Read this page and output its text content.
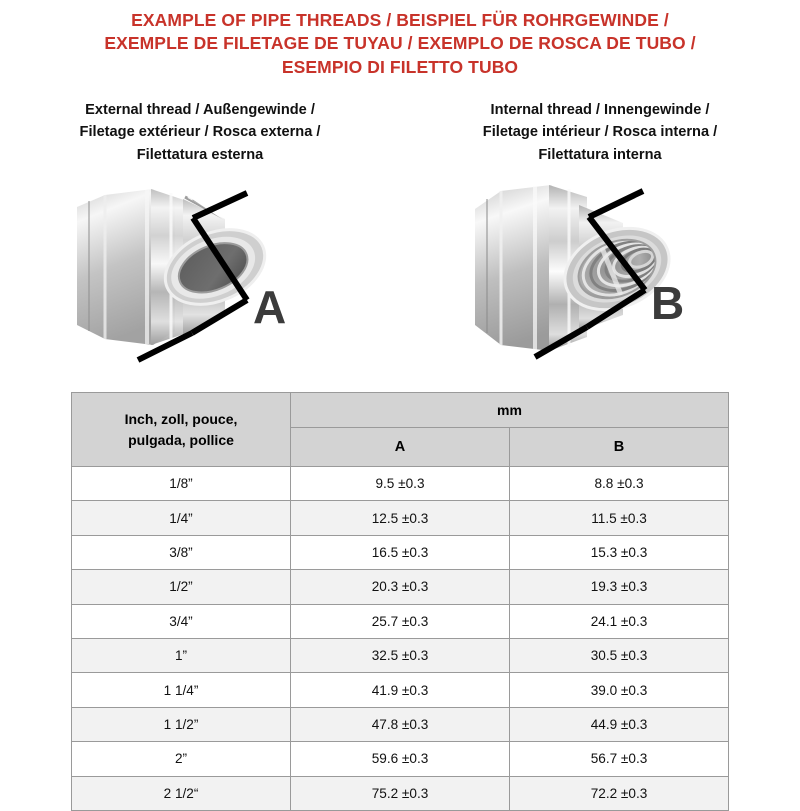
EXAMPLE OF PIPE THREADS / BEISPIEL FÜR ROHRGEWINDE /
EXEMPLE DE FILETAGE DE TUYAU / EXEMPLO DE ROSCA DE TUBO /
ESEMPIO DI FILETTO TUBO
External thread / Außengewinde /
Filetage extérieur / Rosca externa /
Filettatura esterna
A
Internal thread / Innengewinde /
Filetage intérieur / Rosca interna /
Filettatura interna
B
Inch, zoll, pouce,
pulgada, pollice	mm	
	A	B
1/8”	9.5 ±0.3	8.8 ±0.3
1/4”	12.5 ±0.3	11.5 ±0.3
3/8”	16.5 ±0.3	15.3 ±0.3
1/2”	20.3 ±0.3	19.3 ±0.3
3/4”	25.7 ±0.3	24.1 ±0.3
1”	32.5 ±0.3	30.5 ±0.3
1 1/4”	41.9 ±0.3	39.0 ±0.3
1 1/2”	47.8 ±0.3	44.9 ±0.3
2”	59.6 ±0.3	56.7 ±0.3
2 1/2“	75.2 ±0.3	72.2 ±0.3
